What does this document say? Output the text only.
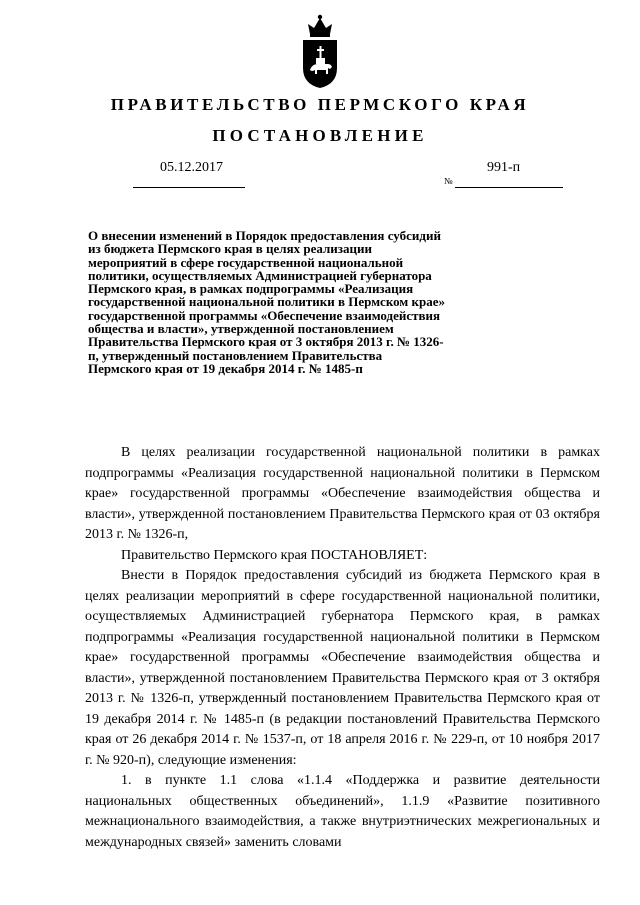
ПРАВИТЕЛЬСТВО ПЕРМСКОГО КРАЯ
ПОСТАНОВЛЕНИЕ
05.12.2017
№
991-п
О внесении изменений в Порядок предоставления субсидий из бюджета Пермского края в целях реализации мероприятий в сфере государственной национальной политики, осуществляемых Администрацией губернатора Пермского края, в рамках подпрограммы «Реализация государственной национальной политики в Пермском крае» государственной программы «Обеспечение взаимодействия общества и власти», утвержденной постановлением Правительства Пермского края от 3 октября 2013 г. № 1326-п, утвержденный постановлением Правительства Пермского края от 19 декабря 2014 г. № 1485-п

В целях реализации государственной национальной политики в рамках подпрограммы «Реализация государственной национальной политики в Пермском крае» государственной программы «Обеспечение взаимодействия общества и власти», утвержденной постановлением Правительства Пермского края от 03 октября 2013 г. № 1326-п,

Правительство Пермского края ПОСТАНОВЛЯЕТ:

Внести в Порядок предоставления субсидий из бюджета Пермского края в целях реализации мероприятий в сфере государственной национальной политики, осуществляемых Администрацией губернатора Пермского края, в рамках подпрограммы «Реализация государственной национальной политики в Пермском крае» государственной программы «Обеспечение взаимодействия общества и власти», утвержденной постановлением Правительства Пермского края от 3 октября 2013 г. № 1326-п, утвержденный постановлением Правительства Пермского края от 19 декабря 2014 г. № 1485-п (в редакции постановлений Правительства Пермского края от 26 декабря 2014 г. № 1537-п, от 18 апреля 2016 г. № 229-п, от 10 ноября 2017 г. № 920-п), следующие изменения:

1. в пункте 1.1 слова «1.1.4 «Поддержка и развитие деятельности национальных общественных объединений», 1.1.9 «Развитие позитивного межнационального взаимодействия, а также внутриэтнических межрегиональных и международных связей» заменить словами
